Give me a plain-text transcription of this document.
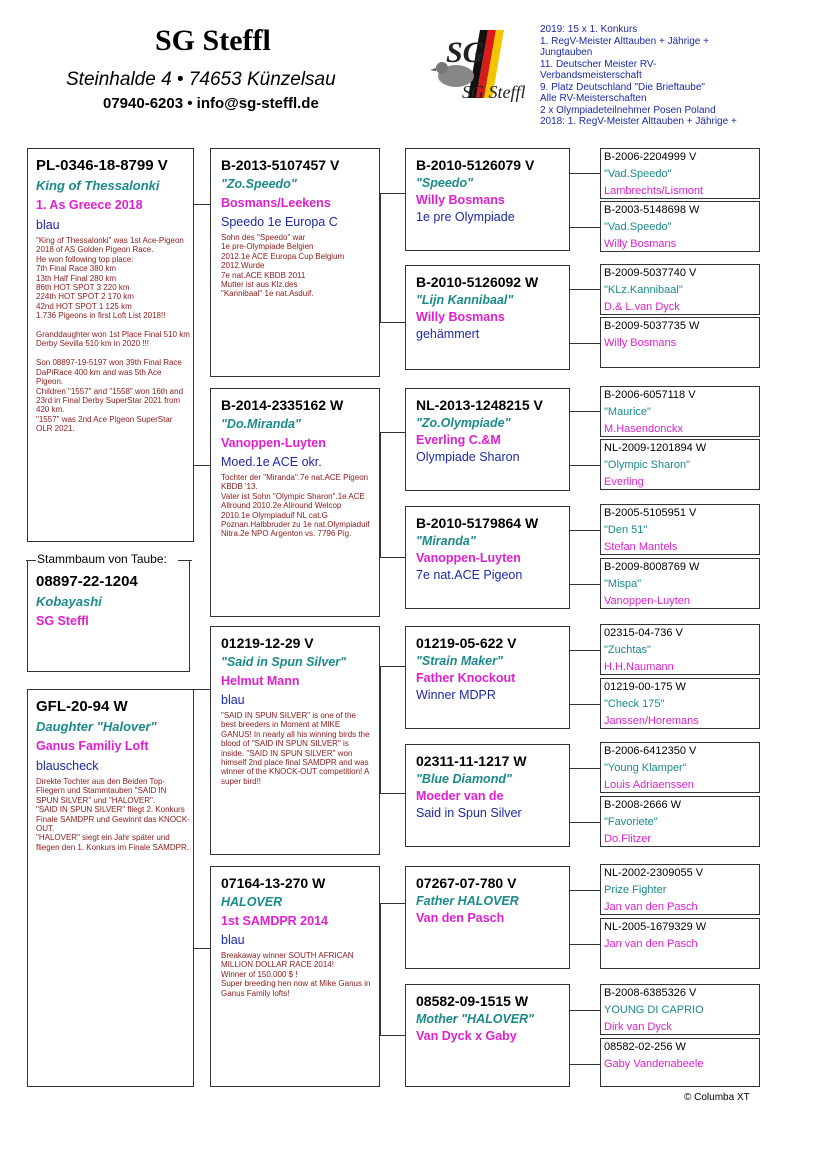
SG Steffl
Steinhalde 4 • 74653 Künzelsau
07940-6203 • info@sg-steffl.de
SG
SG Steffl
2019: 15 x 1. Konkurs
1. RegV-Meister Alttauben + Jährige +
Jungtauben
11. Deutscher Meister RV-
Verbandsmeisterschaft
9. Platz Deutschland "Die Brieftaube"
Alle RV-Meisterschaften
2 x Olympiadeteilnehmer Posen Poland
2018: 1. RegV-Meister Alttauben + Jährige +
PL-0346-18-8799 V
King of Thessalonki
1. As Greece 2018
blau
"King of Thessalonki" was 1st Ace-Pigeon 2018 of AS Golden Pigeon Race.
He won following top place:
7th Final Race 380 km
13th Half Final 280 km
86th HOT SPOT 3 220 km
224th HOT SPOT 2 170 km
42nd HOT SPOT 1 125 km
1.736 Pigeons in first Loft List 2018!!

Granddaughter won 1st Place Final 510 km Derby Sevilla 510 km in 2020 !!!

Son 08897-19-5197 won 39th Final Race DaPiRace 400 km and was 5th Ace Pigeon.
Children "1557" and "1558" won 16th and 23rd in Final Derby SuperStar 2021 from 420 km.
"1557" was 2nd Ace Pigeon SuperStar OLR 2021.
Stammbaum von Taube:
08897-22-1204
Kobayashi
SG Steffl
GFL-20-94 W
Daughter "Halover"
Ganus Familiy Loft
blauscheck
Direkte Tochter aus den Beiden Top-Fliegern und Stammtauben "SAID IN SPUN SILVER" und "HALOVER".
"SAID IN SPUN SILVER" fliegt 2. Konkurs Finale SAMDPR und Gewinnt das KNOCK-OUT.
"HALOVER" siegt ein Jahr später und fliegen den 1. Konkurs im Finale SAMDPR.
B-2013-5107457 V
"Zo.Speedo"
Bosmans/Leekens
Speedo 1e Europa C
Sohn des "Speedo" war
1e pre-Olympiade Belgien
2012.1e ACE Europa Cup Belgium
2012.Wurde
7e nat.ACE KBDB 2011
Mutter ist aus Klz.des
"Kannibaal" 1e nat.Asduif.
B-2014-2335162 W
"Do.Miranda"
Vanoppen-Luyten
Moed.1e ACE okr.
Tochter der "Miranda".7e nat.ACE Pigeon KBDB '13.
Vater ist Sohn "Olympic Sharon".1e ACE Allround 2010.2e Allround Welcop 2010.1e Olympiaduif NL cat.G Poznan.Halbbruder zu 1e nat.Olympiaduif Nitra.2e NPO Argenton vs. 7796 Pig.
01219-12-29 V
"Said in Spun Silver"
Helmut Mann
blau
"SAID IN SPUN SILVER" is one of the best breeders in Moment at MIKE GANUS! In nearly all his winning birds the blood of "SAID IN SPUN SILVER" is inside. "SAID IN SPUN SILVER" won himself 2nd place final SAMDPR and was winner of the KNOCK-OUT competition! A super bird!!
07164-13-270 W
HALOVER
1st SAMDPR 2014
blau
Breakaway winner SOUTH AFRICAN MILLION DOLLAR RACE 2014!
Winner of 150.000 $ !
Super breeding hen now at Mike Ganus in Ganus Family lofts!
B-2010-5126079 V
"Speedo"
Willy Bosmans
1e pre Olympiade
B-2010-5126092 W
"Lijn Kannibaal"
Willy Bosmans
gehämmert
NL-2013-1248215 V
"Zo.Olympiade"
Everling C.&M
Olympiade Sharon
B-2010-5179864 W
"Miranda"
Vanoppen-Luyten
7e nat.ACE Pigeon
01219-05-622 V
"Strain Maker"
Father Knockout
Winner MDPR
02311-11-1217 W
"Blue Diamond"
Moeder van de
Said in Spun Silver
07267-07-780 V
Father HALOVER
Van den Pasch
08582-09-1515 W
Mother "HALOVER"
Van Dyck x Gaby
B-2006-2204999 V
"Vad.Speedo"
Lambrechts/Lismont
B-2003-5148698 W
"Vad.Speedo"
Willy Bosmans
B-2009-5037740 V
"KLz.Kannibaal"
D.& L.van Dyck
B-2009-5037735 W
Willy Bosmans
B-2006-6057118 V
"Maurice"
M.Hasendonckx
NL-2009-1201894 W
"Olympic Sharon"
Everling
B-2005-5105951 V
"Den 51"
Stefan Mantels
B-2009-8008769 W
"Mispa"
Vanoppen-Luyten
02315-04-736 V
"Zuchtas"
H.H.Naumann
01219-00-175 W
"Check 175"
Janssen/Horemans
B-2006-6412350 V
"Young Klamper"
Louis Adriaenssen
B-2008-2666 W
"Favoriete"
Do.Flitzer
NL-2002-2309055 V
Prize Fighter
Jan van den Pasch
NL-2005-1679329 W
Jan van den Pasch
B-2008-6385326 V
YOUNG DI CAPRIO
Dirk van Dyck
08582-02-256 W
Gaby Vandenabeele
© Columba XT
